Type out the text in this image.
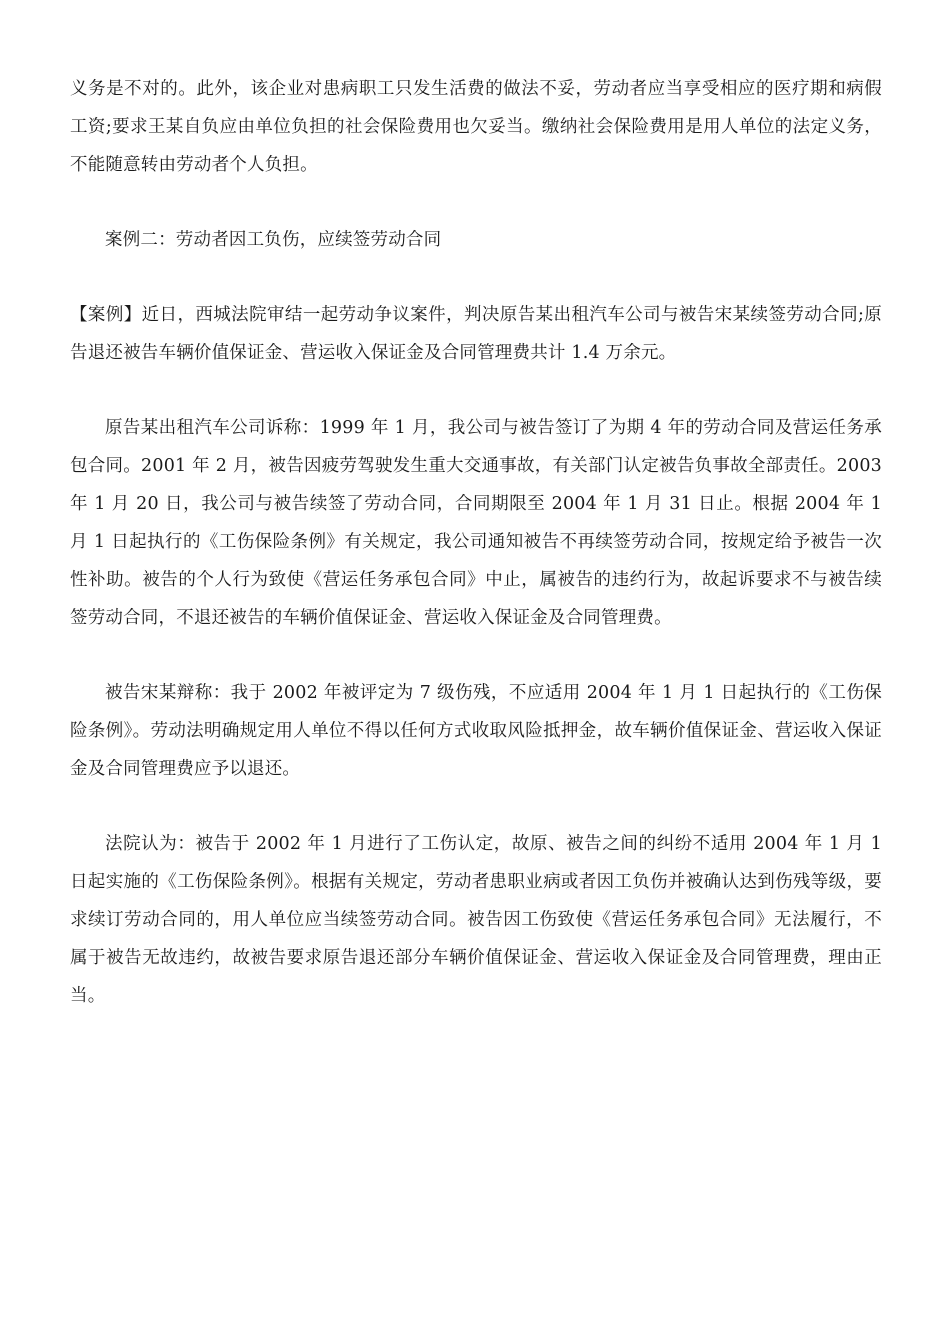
义务是不对的。此外，该企业对患病职工只发生活费的做法不妥，劳动者应当享受相应的医疗期和病假工资;要求王某自负应由单位负担的社会保险费用也欠妥当。缴纳社会保险费用是用人单位的法定义务，不能随意转由劳动者个人负担。

案例二：劳动者因工负伤，应续签劳动合同

【案例】近日，西城法院审结一起劳动争议案件，判决原告某出租汽车公司与被告宋某续签劳动合同;原告退还被告车辆价值保证金、营运收入保证金及合同管理费共计 1.4 万余元。

原告某出租汽车公司诉称：1999 年 1 月，我公司与被告签订了为期 4 年的劳动合同及营运任务承包合同。2001 年 2 月，被告因疲劳驾驶发生重大交通事故，有关部门认定被告负事故全部责任。2003 年 1 月 20 日，我公司与被告续签了劳动合同，合同期限至 2004 年 1 月 31 日止。根据 2004 年 1 月 1 日起执行的《工伤保险条例》有关规定，我公司通知被告不再续签劳动合同，按规定给予被告一次性补助。被告的个人行为致使《营运任务承包合同》中止，属被告的违约行为，故起诉要求不与被告续签劳动合同，不退还被告的车辆价值保证金、营运收入保证金及合同管理费。

被告宋某辩称：我于 2002 年被评定为 7 级伤残，不应适用 2004 年 1 月 1 日起执行的《工伤保险条例》。劳动法明确规定用人单位不得以任何方式收取风险抵押金，故车辆价值保证金、营运收入保证金及合同管理费应予以退还。

法院认为：被告于 2002 年 1 月进行了工伤认定，故原、被告之间的纠纷不适用 2004 年 1 月 1 日起实施的《工伤保险条例》。根据有关规定，劳动者患职业病或者因工负伤并被确认达到伤残等级，要求续订劳动合同的，用人单位应当续签劳动合同。被告因工伤致使《营运任务承包合同》无法履行，不属于被告无故违约，故被告要求原告退还部分车辆价值保证金、营运收入保证金及合同管理费，理由正当。
